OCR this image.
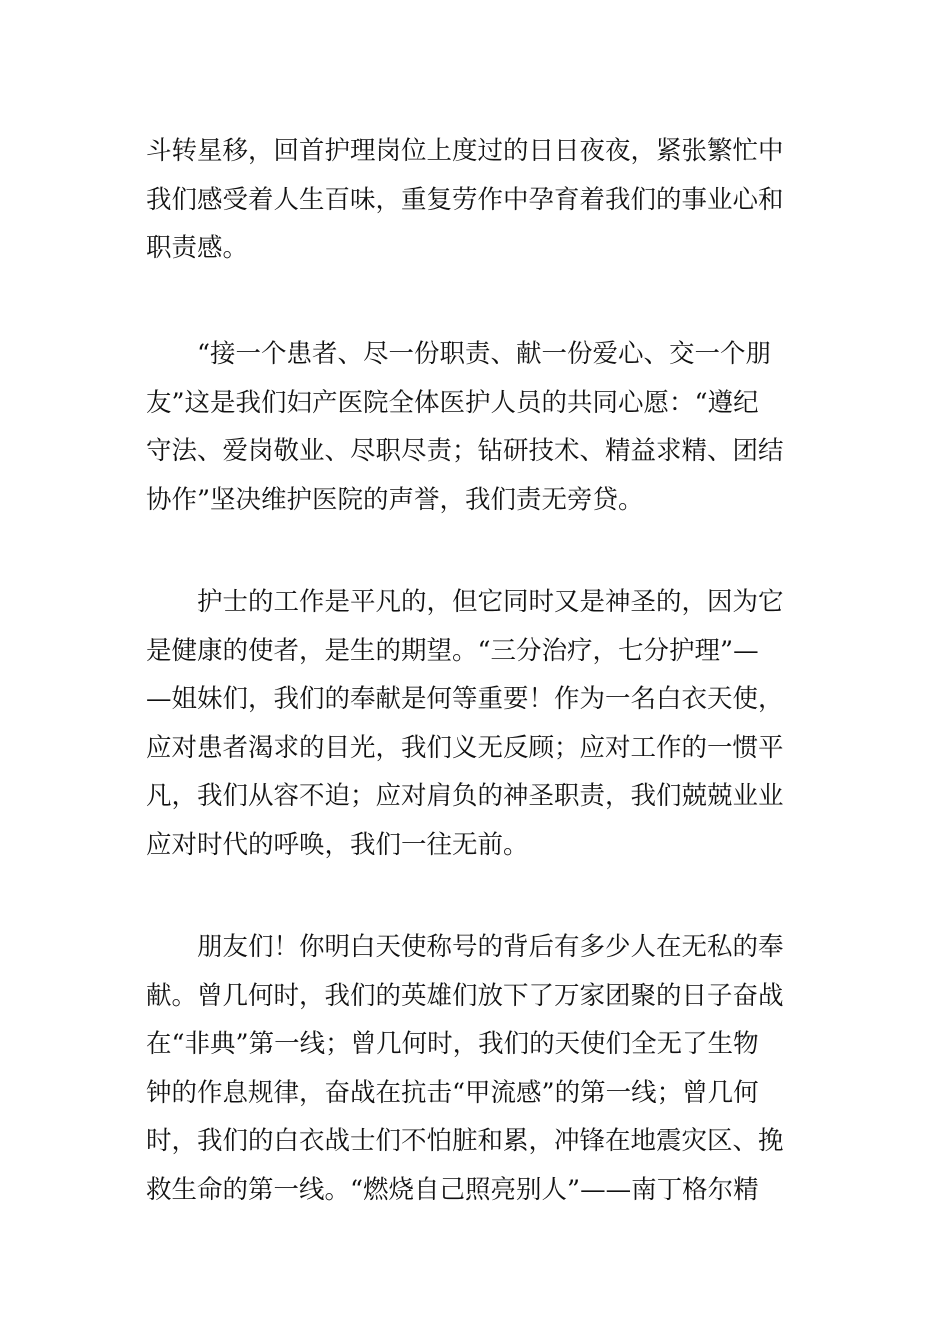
斗转星移，回首护理岗位上度过的日日夜夜，紧张繁忙中
我们感受着人生百味，重复劳作中孕育着我们的事业心和
职责感。
　　“接一个患者、尽一份职责、献一份爱心、交一个朋
友”这是我们妇产医院全体医护人员的共同心愿：“遵纪
守法、爱岗敬业、尽职尽责；钻研技术、精益求精、团结
协作”坚决维护医院的声誉，我们责无旁贷。
　　护士的工作是平凡的，但它同时又是神圣的，因为它
是健康的使者，是生的期望。“三分治疗，七分护理”—
—姐妹们，我们的奉献是何等重要！作为一名白衣天使，
应对患者渴求的目光，我们义无反顾；应对工作的一惯平
凡，我们从容不迫；应对肩负的神圣职责，我们兢兢业业
应对时代的呼唤，我们一往无前。
　　朋友们！你明白天使称号的背后有多少人在无私的奉
献。曾几何时，我们的英雄们放下了万家团聚的日子奋战
在“非典”第一线；曾几何时，我们的天使们全无了生物
钟的作息规律，奋战在抗击“甲流感”的第一线；曾几何
时，我们的白衣战士们不怕脏和累，冲锋在地震灾区、挽
救生命的第一线。“燃烧自己照亮别人”——南丁格尔精
